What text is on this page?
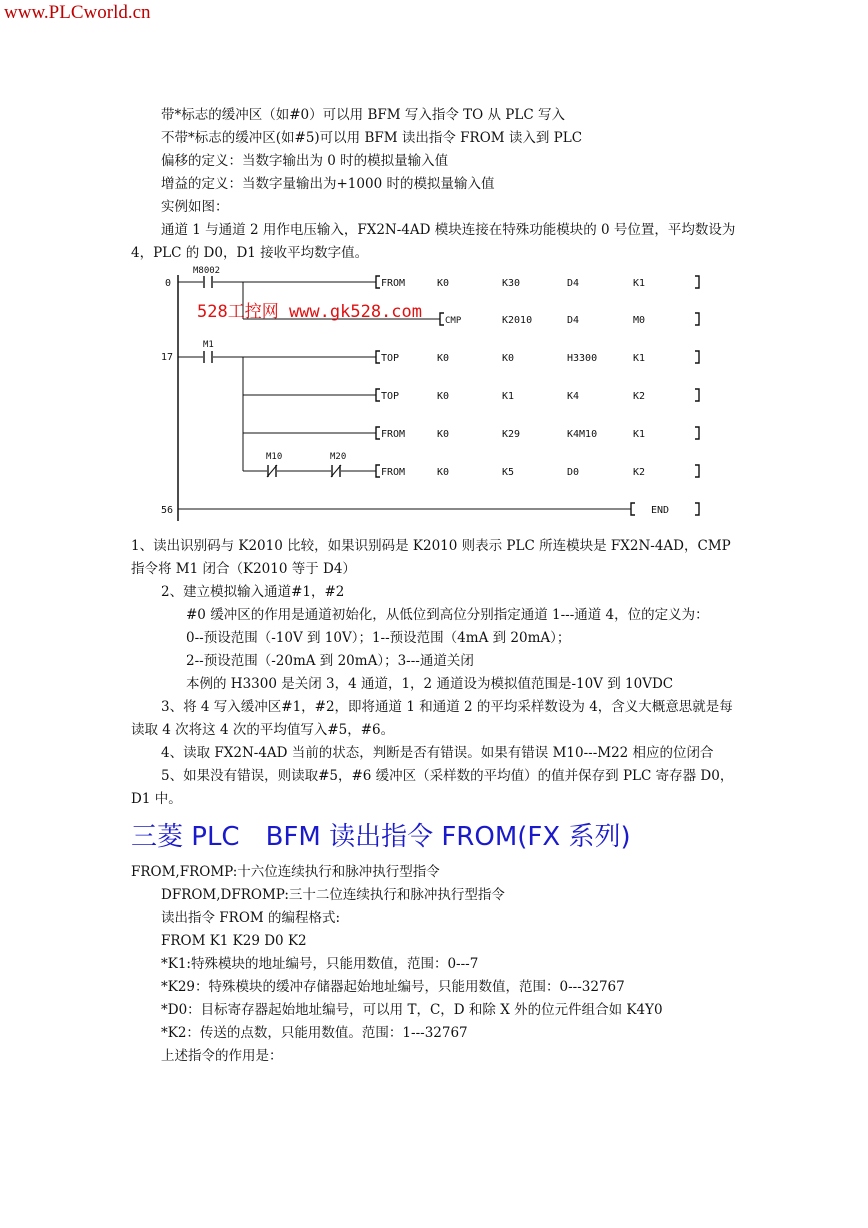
www.PLCworld.cn

带*标志的缓冲区（如#0）可以用 BFM 写入指令 TO 从 PLC 写入

不带*标志的缓冲区(如#5)可以用 BFM 读出指令 FROM 读入到 PLC

偏移的定义：当数字输出为 0 时的模拟量输入值

增益的定义：当数字量输出为+1000 时的模拟量输入值

实例如图：

通道 1 与通道 2 用作电压输入，FX2N-4AD 模块连接在特殊功能模块的 0 号位置，平均数设为 4，PLC 的 D0，D1 接收平均数字值。

0
17
56
M8002
M1
M10	M20
FROM	K0	K30	D4	K1
CMP	K2010	D4	M0
TOP	K0	K0	H3300	K1
TOP	K0	K1	K4	K2
FROM	K0	K29	K4M10	K1
FROM	K0	K5	D0	K2
END
528工控网 www.gk528.com

1、读出识别码与 K2010 比较，如果识别码是 K2010 则表示 PLC 所连模块是 FX2N-4AD，CMP 指令将 M1 闭合（K2010 等于 D4）

2、建立模拟输入通道#1，#2

#0 缓冲区的作用是通道初始化，从低位到高位分别指定通道 1---通道 4，位的定义为：

0--预设范围（-10V 到 10V）；1--预设范围（4mA 到 20mA）；

2--预设范围（-20mA 到 20mA）；3---通道关闭

本例的 H3300 是关闭 3，4 通道，1，2 通道设为模拟值范围是-10V 到 10VDC

3、将 4 写入缓冲区#1，#2，即将通道 1 和通道 2 的平均采样数设为 4，含义大概意思就是每读取 4 次将这 4 次的平均值写入#5，#6。

4、读取 FX2N-4AD 当前的状态，判断是否有错误。如果有错误 M10---M22 相应的位闭合

5、如果没有错误，则读取#5，#6 缓冲区（采样数的平均值）的值并保存到 PLC 寄存器 D0，D1 中。

三菱 PLC BFM 读出指令 FROM(FX 系列)

FROM,FROMP:十六位连续执行和脉冲执行型指令

DFROM,DFROMP:三十二位连续执行和脉冲执行型指令

读出指令 FROM 的编程格式:

FROM K1 K29 D0 K2

*K1:特殊模块的地址编号，只能用数值，范围：0---7

*K29：特殊模块的缓冲存储器起始地址编号，只能用数值，范围：0---32767

*D0：目标寄存器起始地址编号，可以用 T，C，D 和除 X 外的位元件组合如 K4Y0

*K2：传送的点数，只能用数值。范围：1---32767

上述指令的作用是：
